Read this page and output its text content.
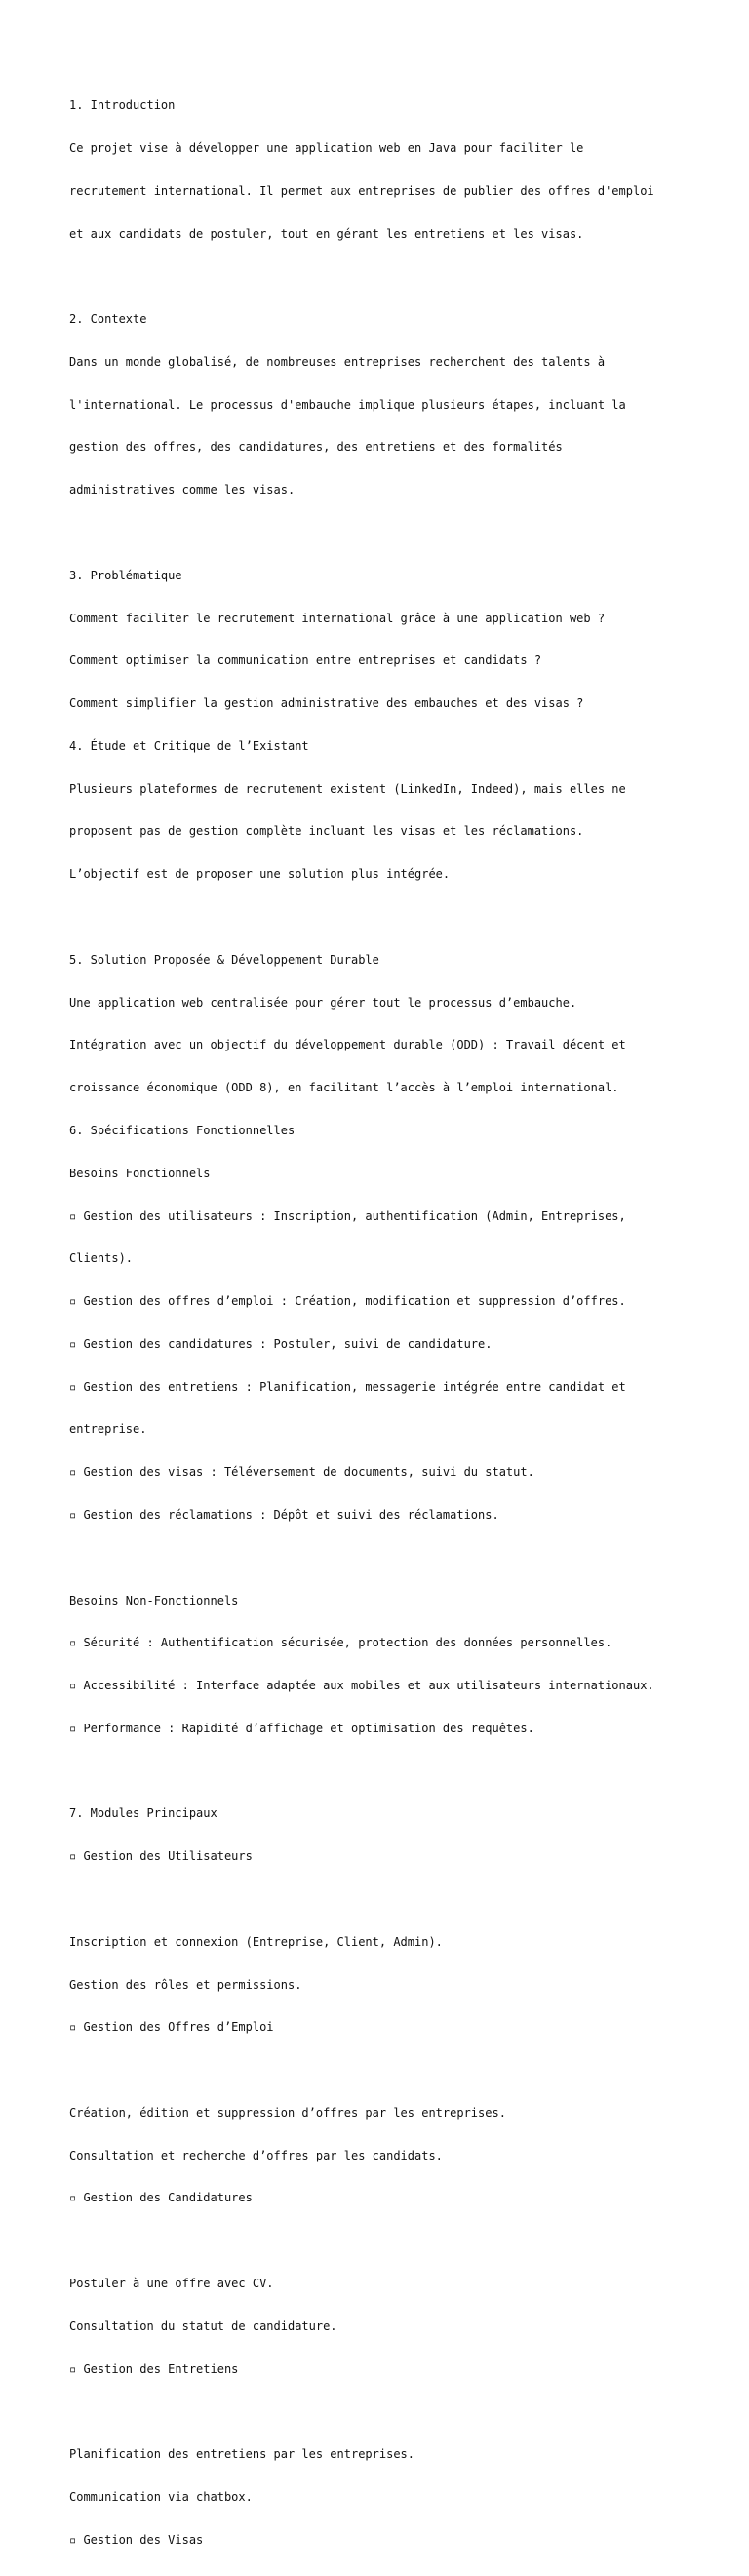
1. Introduction

Ce projet vise à développer une application web en Java pour faciliter le

recrutement international. Il permet aux entreprises de publier des offres d'emploi

et aux candidats de postuler, tout en gérant les entretiens et les visas.

2. Contexte

Dans un monde globalisé, de nombreuses entreprises recherchent des talents à

l'international. Le processus d'embauche implique plusieurs étapes, incluant la

gestion des offres, des candidatures, des entretiens et des formalités

administratives comme les visas.

3. Problématique

Comment faciliter le recrutement international grâce à une application web ?

Comment optimiser la communication entre entreprises et candidats ?

Comment simplifier la gestion administrative des embauches et des visas ?

4. Étude et Critique de l’Existant

Plusieurs plateformes de recrutement existent (LinkedIn, Indeed), mais elles ne

proposent pas de gestion complète incluant les visas et les réclamations.

L’objectif est de proposer une solution plus intégrée.

5. Solution Proposée & Développement Durable

Une application web centralisée pour gérer tout le processus d’embauche.

Intégration avec un objectif du développement durable (ODD) : Travail décent et

croissance économique (ODD 8), en facilitant l’accès à l’emploi international.

6. Spécifications Fonctionnelles

Besoins Fonctionnels

▫ Gestion des utilisateurs : Inscription, authentification (Admin, Entreprises,

Clients).

▫ Gestion des offres d’emploi : Création, modification et suppression d’offres.

▫ Gestion des candidatures : Postuler, suivi de candidature.

▫ Gestion des entretiens : Planification, messagerie intégrée entre candidat et

entreprise.

▫ Gestion des visas : Téléversement de documents, suivi du statut.

▫ Gestion des réclamations : Dépôt et suivi des réclamations.

Besoins Non-Fonctionnels

▫ Sécurité : Authentification sécurisée, protection des données personnelles.

▫ Accessibilité : Interface adaptée aux mobiles et aux utilisateurs internationaux.

▫ Performance : Rapidité d’affichage et optimisation des requêtes.

7. Modules Principaux

▫ Gestion des Utilisateurs

Inscription et connexion (Entreprise, Client, Admin).

Gestion des rôles et permissions.

▫ Gestion des Offres d’Emploi

Création, édition et suppression d’offres par les entreprises.

Consultation et recherche d’offres par les candidats.

▫ Gestion des Candidatures

Postuler à une offre avec CV.

Consultation du statut de candidature.

▫ Gestion des Entretiens

Planification des entretiens par les entreprises.

Communication via chatbox.

▫ Gestion des Visas
